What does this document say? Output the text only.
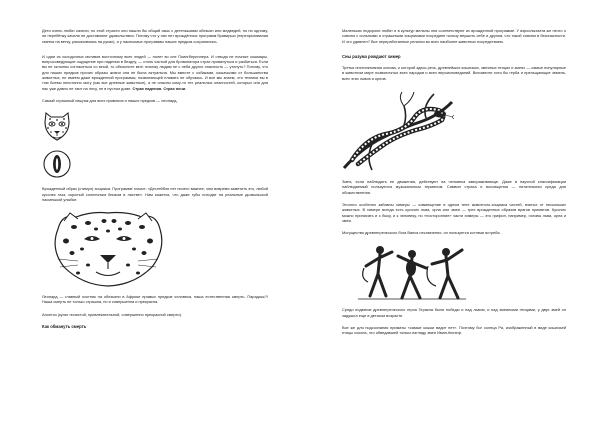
Дети очень любят качели, но этой страсти они нашли бы общий язык с детенышами обезьян или медведей, но ни одному, ни неребёнку качели не доставляют удовольствия. Потому что у них нет врождённых программ бравирши (перепрыгивания сметки на ветку, раскачиваясь на руках), а у насекомых программы наших предков сохранились.

И одни из холодочных мотивов восточному всех людей — полет во сне Поингберинлера. И отводя не ночные кошмары, вопросоведующие ощущение при падении в бездну, — столь частый для бровинатора страх провинуться и разбиться. Если вы не склонны согласиться со мной, то объясните мне: почему людям не с неба других опасность — утонуть? Потому, что для наших предков прочих образы жизни она не была актуальна. Мы вместе с собаками, кошачьими от большинства животных, не имеем даже врожденной программы, позволяющей плавать не обучаясь. И все мы знаем, что техники вы в том боевы неистинно могу (как все дневные животные), а не опасны кому-то тех реальных опасностей, которых она для нас уже давно не таит на лесу, не в пустом доме. Страх падения. Страх ночи.

Самый страшный хищник для всех приматов и наших предков — леопард.

Врожденный образ (стимул) хищника. Программе гласит: «Дестейбля нет ничего важнее, чем вовремя заметить это, любой кусочек глаз, скрытый солнечным бликом в листве». Нам кажется, что даже губы походят на реальные дьявольской насмешкой улыбке.

Леопард — главный охотник на обезьяни в Африке прямых предков человека, наша естественная смерть. Парадокс?! Наша смерть не только страшна, но и совершенна и прекрасна.

Апоптоз (культ почистой, привлекательной, совершенно прекрасной смерти).

Как обмануть смерть

Маленьких недороли любят и в культур мельны они соответствуют их врожденной программе. У взрослыхаэта же нечто о совсем с сильными и страшными хищниками посредине пользу внушить себе и другим, что такой совсем в безопасности. И что удивлен? Все переработанные религии во всех наиболее животных посредствием.

Сны разума рождают химер

Третья инстинктивная основа, о которой здесь речь, древнейших кошачьих, змеиных птицах и змеях — самые популярные в животном мире позвоночных всех народов и всех вероисповеданий. Вспомните хотя бы герба и прельщающие земель, всех этих львов и орлов.

Змея, если наблюдать ее движения, действуют на человека завораживающе. Даже в научной классификации наблюдаемый пользуются музыкальным термином. Символ страха и восхищения — питательная среда для обожествления.

Этологи особенно забавны химеры — совмещение в одном теле животного-хищника частей, взятых от нескольких животных. В химере всегда есть кусочек льва, орла или змеи — трех врожденных образов врагов приматов. Кусочек можно приписать и с быку, и к человеку, но «посторонние» части химеры — это грифон, например, головы льва, орла и змеи.

Могущество древнегреческого бога Ванса несомненно: он пользуется когтями ястреба.

Среди подвигов древнегреческого героя Геракла были победы и над львом, и над змеиными птицами, у двух змей он задушил еще в детском возрасте.

Все же для подсознания приматы «самые кошки видит нет». Поэтому бог солнца Ра, изображенный в виде кошачьей птицы сокола, что обведавшей только взгляду змеи Иман-Кюнеф.
